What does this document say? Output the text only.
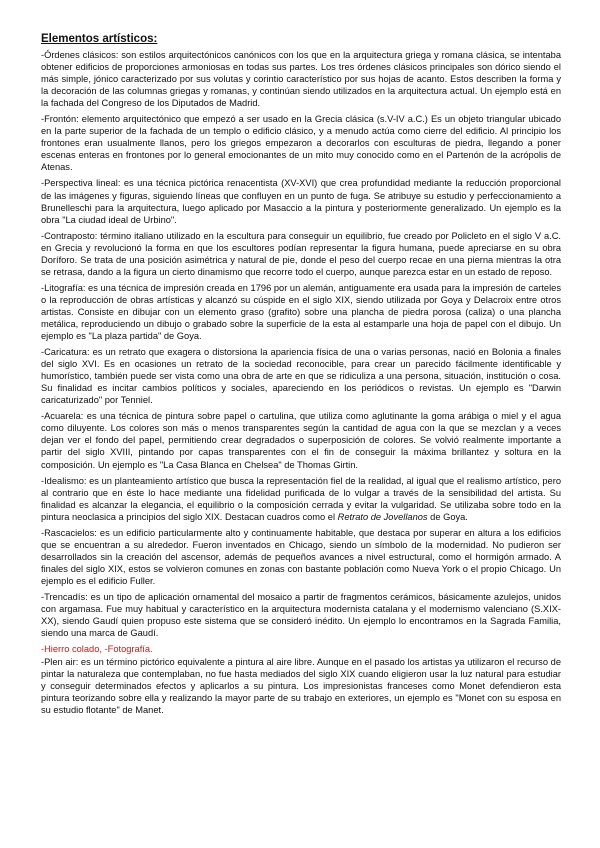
Elementos artísticos:

-Órdenes clásicos: son estilos arquitectónicos canónicos con los que en la arquitectura griega y romana clásica, se intentaba obtener edificios de proporciones armoniosas en todas sus partes. Los tres órdenes clásicos principales son dórico siendo el más simple, jónico caracterizado por sus volutas y corintio característico por sus hojas de acanto. Estos describen la forma y la decoración de las columnas griegas y romanas, y continúan siendo utilizados en la arquitectura actual. Un ejemplo está en la fachada del Congreso de los Diputados de Madrid.

-Frontón: elemento arquitectónico que empezó a ser usado en la Grecia clásica (s.V-IV a.C.) Es un objeto triangular ubicado en la parte superior de la fachada de un templo o edificio clásico, y a menudo actúa como cierre del edificio. Al principio los frontones eran usualmente llanos, pero los griegos empezaron a decorarlos con esculturas de piedra, llegando a poner escenas enteras en frontones por lo general emocionantes de un mito muy conocido como en el Partenón de la acrópolis de Atenas.

-Perspectiva lineal: es una técnica pictórica renacentista (XV-XVI) que crea profundidad mediante la reducción proporcional de las imágenes y figuras, siguiendo líneas que confluyen en un punto de fuga. Se atribuye su estudio y perfeccionamiento a Brunelleschi para la arquitectura, luego aplicado por Masaccio a la pintura y posteriormente generalizado. Un ejemplo es la obra "La ciudad ideal de Urbino".

-Contraposto: término italiano utilizado en la escultura para conseguir un equilibrio, fue creado por Policleto en el siglo V a.C. en Grecia y revolucionó la forma en que los escultores podían representar la figura humana, puede apreciarse en su obra Doríforo. Se trata de una posición asimétrica y natural de pie, donde el peso del cuerpo recae en una pierna mientras la otra se retrasa, dando a la figura un cierto dinamismo que recorre todo el cuerpo, aunque parezca estar en un estado de reposo.

-Litografía: es una técnica de impresión creada en 1796 por un alemán, antiguamente era usada para la impresión de carteles o la reproducción de obras artísticas y alcanzó su cúspide en el siglo XIX, siendo utilizada por Goya y Delacroix entre otros artistas. Consiste en dibujar con un elemento graso (grafito) sobre una plancha de piedra porosa (caliza) o una plancha metálica, reproduciendo un dibujo o grabado sobre la superficie de la esta al estamparle una hoja de papel con el dibujo. Un ejemplo es "La plaza partida" de Goya.

-Caricatura: es un retrato que exagera o distorsiona la apariencia física de una o varias personas, nació en Bolonia a finales del siglo XVI. Es en ocasiones un retrato de la sociedad reconocible, para crear un parecido fácilmente identificable y humorístico, también puede ser vista como una obra de arte en que se ridiculiza a una persona, situación, institución o cosa. Su finalidad es incitar cambios políticos y sociales, apareciendo en los periódicos o revistas. Un ejemplo es "Darwin caricaturizado" por Tenniel.

-Acuarela: es una técnica de pintura sobre papel o cartulina, que utiliza como aglutinante la goma arábiga o miel y el agua como diluyente. Los colores son más o menos transparentes según la cantidad de agua con la que se mezclan y a veces dejan ver el fondo del papel, permitiendo crear degradados o superposición de colores. Se volvió realmente importante a partir del siglo XVIII, pintando por capas transparentes con el fin de conseguir la máxima brillantez y soltura en la composición. Un ejemplo es "La Casa Blanca en Chelsea" de Thomas Girtin.

-Idealismo: es un planteamiento artístico que busca la representación fiel de la realidad, al igual que el realismo artístico, pero al contrario que en éste lo hace mediante una fidelidad purificada de lo vulgar a través de la sensibilidad del artista. Su finalidad es alcanzar la elegancia, el equilibrio o la composición cerrada y evitar la vulgaridad. Se utilizaba sobre todo en la pintura neoclasica a principios del siglo XIX. Destacan cuadros como el Retrato de Jovellanos de Goya.

-Rascacielos: es un edificio particularmente alto y continuamente habitable, que destaca por superar en altura a los edificios que se encuentran a su alrededor. Fueron inventados en Chicago, siendo un símbolo de la modernidad. No pudieron ser desarrollados sin la creación del ascensor, además de pequeños avances a nivel estructural, como el hormigón armado. A finales del siglo XIX, estos se volvieron comunes en zonas con bastante población como Nueva York o el propio Chicago. Un ejemplo es el edificio Fuller.

-Trencadís: es un tipo de aplicación ornamental del mosaico a partir de fragmentos cerámicos, básicamente azulejos, unidos con argamasa. Fue muy habitual y característico en la arquitectura modernista catalana y el modernismo valenciano (S.XIX-XX), siendo Gaudí quien propuso este sistema que se consideró inédito. Un ejemplo lo encontramos en la Sagrada Familia, siendo una marca de Gaudí.

-Hierro colado, -Fotografía.

-Plen air: es un término pictórico equivalente a pintura al aire libre. Aunque en el pasado los artistas ya utilizaron el recurso de pintar la naturaleza que contemplaban, no fue hasta mediados del siglo XIX cuando eligieron usar la luz natural para estudiar y conseguir determinados efectos y aplicarlos a su pintura. Los impresionistas franceses como Monet defendieron esta pintura teorizando sobre ella y realizando la mayor parte de su trabajo en exteriores, un ejemplo es "Monet con su esposa en su estudio flotante" de Manet.
